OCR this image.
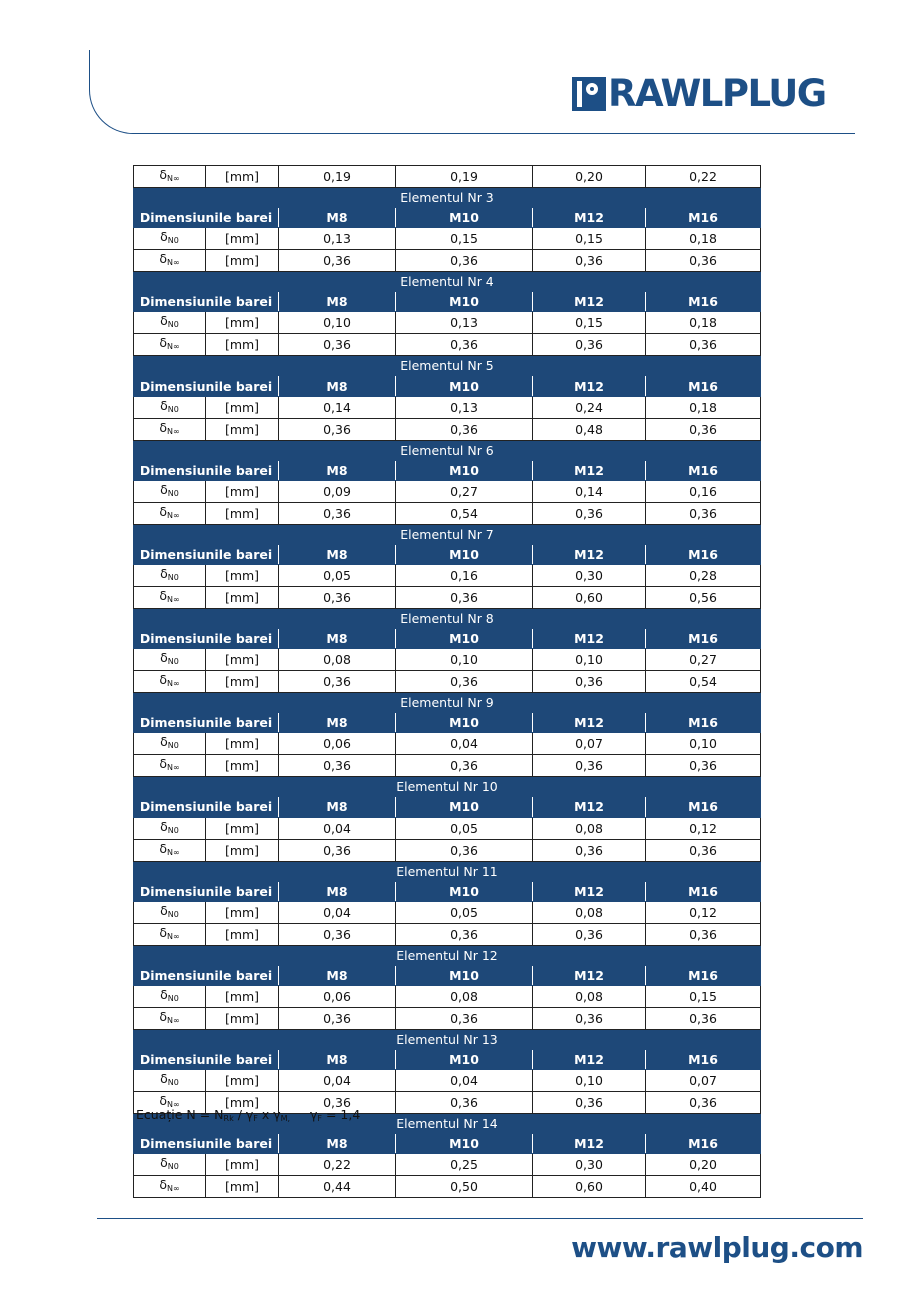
RAWLPLUG
$\delta_{N\infty}$	[mm]	0,19	0,19	0,20	0,22
Elementul Nr 3					
Dimensiunile barei		M8	M10	M12	M16
$\delta_{N0}$	[mm]	0,13	0,15	0,15	0,18
$\delta_{N\infty}$	[mm]	0,36	0,36	0,36	0,36
Elementul Nr 4					
Dimensiunile barei		M8	M10	M12	M16
$\delta_{N0}$	[mm]	0,10	0,13	0,15	0,18
$\delta_{N\infty}$	[mm]	0,36	0,36	0,36	0,36
Elementul Nr 5					
Dimensiunile barei		M8	M10	M12	M16
$\delta_{N0}$	[mm]	0,14	0,13	0,24	0,18
$\delta_{N\infty}$	[mm]	0,36	0,36	0,48	0,36
Elementul Nr 6					
Dimensiunile barei		M8	M10	M12	M16
$\delta_{N0}$	[mm]	0,09	0,27	0,14	0,16
$\delta_{N\infty}$	[mm]	0,36	0,54	0,36	0,36
Elementul Nr 7					
Dimensiunile barei		M8	M10	M12	M16
$\delta_{N0}$	[mm]	0,05	0,16	0,30	0,28
$\delta_{N\infty}$	[mm]	0,36	0,36	0,60	0,56
Elementul Nr 8					
Dimensiunile barei		M8	M10	M12	M16
$\delta_{N0}$	[mm]	0,08	0,10	0,10	0,27
$\delta_{N\infty}$	[mm]	0,36	0,36	0,36	0,54
Elementul Nr 9					
Dimensiunile barei		M8	M10	M12	M16
$\delta_{N0}$	[mm]	0,06	0,04	0,07	0,10
$\delta_{N\infty}$	[mm]	0,36	0,36	0,36	0,36
Elementul Nr 10					
Dimensiunile barei		M8	M10	M12	M16
$\delta_{N0}$	[mm]	0,04	0,05	0,08	0,12
$\delta_{N\infty}$	[mm]	0,36	0,36	0,36	0,36
Elementul Nr 11					
Dimensiunile barei		M8	M10	M12	M16
$\delta_{N0}$	[mm]	0,04	0,05	0,08	0,12
$\delta_{N\infty}$	[mm]	0,36	0,36	0,36	0,36
Elementul Nr 12					
Dimensiunile barei		M8	M10	M12	M16
$\delta_{N0}$	[mm]	0,06	0,08	0,08	0,15
$\delta_{N\infty}$	[mm]	0,36	0,36	0,36	0,36
Elementul Nr 13					
Dimensiunile barei		M8	M10	M12	M16
$\delta_{N0}$	[mm]	0,04	0,04	0,10	0,07
$\delta_{N\infty}$	[mm]	0,36	0,36	0,36	0,36
Elementul Nr 14					
Dimensiunile barei		M8	M10	M12	M16
$\delta_{N0}$	[mm]	0,22	0,25	0,30	0,20
$\delta_{N\infty}$	[mm]	0,44	0,50	0,60	0,40
Ecuație $N = N_{Rk} / \gamma_F$ x $\gamma_{M,}$ $\gamma_F = 1,4$
www.rawlplug.com
